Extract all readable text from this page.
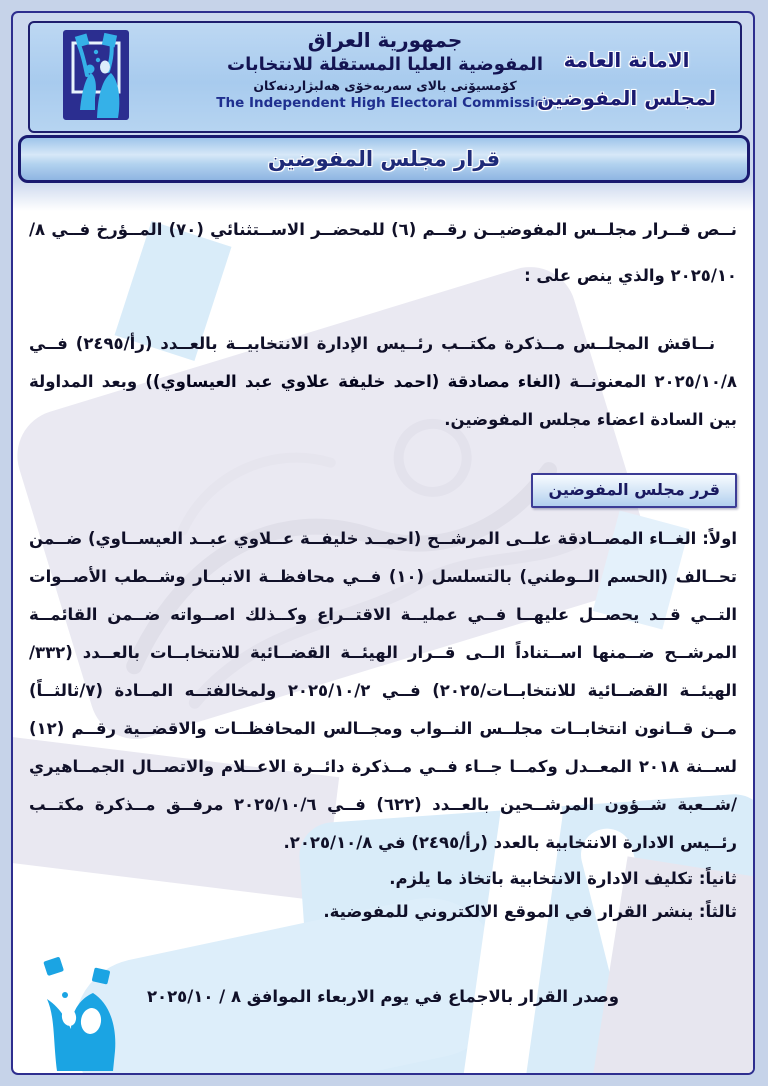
جمهورية العراق
المفوضية العليا المستقلة للانتخابات
كۆمسيۆنى بالاى سەربەخۆى هەلبژاردنەكان
The Independent High Electoral Commission
الامانة العامة
لمجلس المفوضين
قرار مجلس المفوضين

نــص قــرار مجلــس المفوضيــن رقــم (٦) للمحضــر الاســتثنائي (٧٠) المــؤرخ فــي ٨/ ٢٠٢٥/١٠ والذي ينص على :

نــاقش المجلــس مــذكرة مكتــب رئــيس الإدارة الانتخابيــة بالعــدد (رأ/٢٤٩٥) فــي ٢٠٢٥/١٠/٨ المعنونــة (الغاء مصادقة (احمد خليفة علاوي عبد العيساوي)) وبعد المداولة بين السادة اعضاء مجلس المفوضين.

قرر مجلس المفوضين

اولاً: الغــاء المصــادقة علــى المرشــح (احمــد خليفــة عــلاوي عبــد العيســاوي) ضــمن تحــالف (الحسم الــوطني) بالتسلسل (١٠) فــي محافظــة الانبــار وشــطب الأصــوات التــي قــد يحصــل عليهــا فــي عمليــة الاقتــراع وكــذلك اصــواته ضــمن القائمــة المرشــح ضــمنها اســتناداً الــى قــرار الهيئــة القضــائية للانتخابــات بالعــدد (٣٣٢/الهيئــة القضــائية للانتخابــات/٢٠٢٥) فــي ٢٠٢٥/١٠/٢ ولمخالفتــه المــادة (٧/ثالثــاً) مــن قــانون انتخابــات مجلــس النــواب ومجــالس المحافظــات والاقضــية رقــم (١٢) لســنة ٢٠١٨ المعــدل وكمــا جــاء فــي مــذكرة دائــرة الاعــلام والاتصــال الجمــاهيري /شــعبة شــؤون المرشــحين بالعــدد (٦٢٢) فــي ٢٠٢٥/١٠/٦ مرفــق مــذكرة مكتــب رئــيس الادارة الانتخابية بالعدد (رأ/٢٤٩٥) في ٢٠٢٥/١٠/٨.

ثانياً: تكليف الادارة الانتخابية باتخاذ ما يلزم.

ثالثاً: ينشر القرار في الموقع الالكتروني للمفوضية.

وصدر القرار بالاجماع في يوم الاربعاء الموافق ٨ / ٢٠٢٥/١٠
